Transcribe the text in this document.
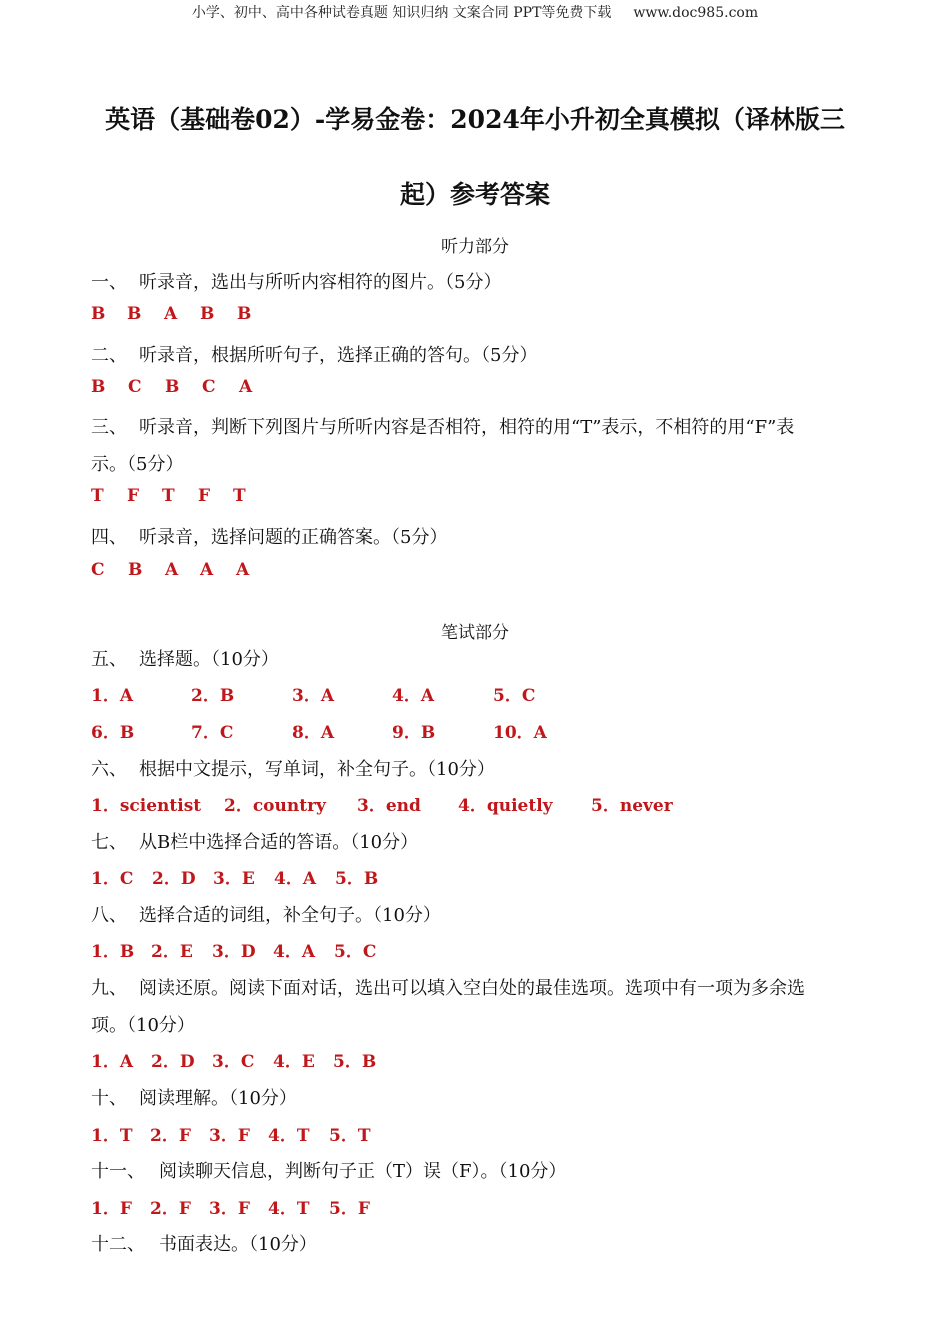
小学、初中、高中各种试卷真题 知识归纳 文案合同 PPT等免费下载 www.doc985.com
英语（基础卷02）-学易金卷：2024年小升初全真模拟（译林版三
起）参考答案
听力部分
一、 听录音，选出与所听内容相符的图片。（5分）
B B A B B
二、 听录音，根据所听句子，选择正确的答句。（5分）
B C B C A
三、 听录音，判断下列图片与所听内容是否相符，相符的用“T”表示，不相符的用“F”表
示。（5分）
T F T F T
四、 听录音，选择问题的正确答案。（5分）
C B A A A
笔试部分
五、 选择题。（10分）
1．A	2．B	3．A	4．A	5．C
6．B	7．C	8．A	9．B	10．A
六、 根据中文提示，写单词，补全句子。（10分）
1．scientist 2．country 3．end 4．quietly 5．never
七、 从B栏中选择合适的答语。（10分）
1．C 2．D 3．E 4．A 5．B
八、 选择合适的词组，补全句子。（10分）
1．B 2．E 3．D 4．A 5．C
九、 阅读还原。阅读下面对话，选出可以填入空白处的最佳选项。选项中有一项为多余选
项。（10分）
1．A 2．D 3．C 4．E 5．B
十、 阅读理解。（10分）
1．T 2．F 3．F 4．T 5．T
十一、 阅读聊天信息，判断句子正（T）误（F）。（10分）
1．F 2．F 3．F 4．T 5．F
十二、 书面表达。（10分）
